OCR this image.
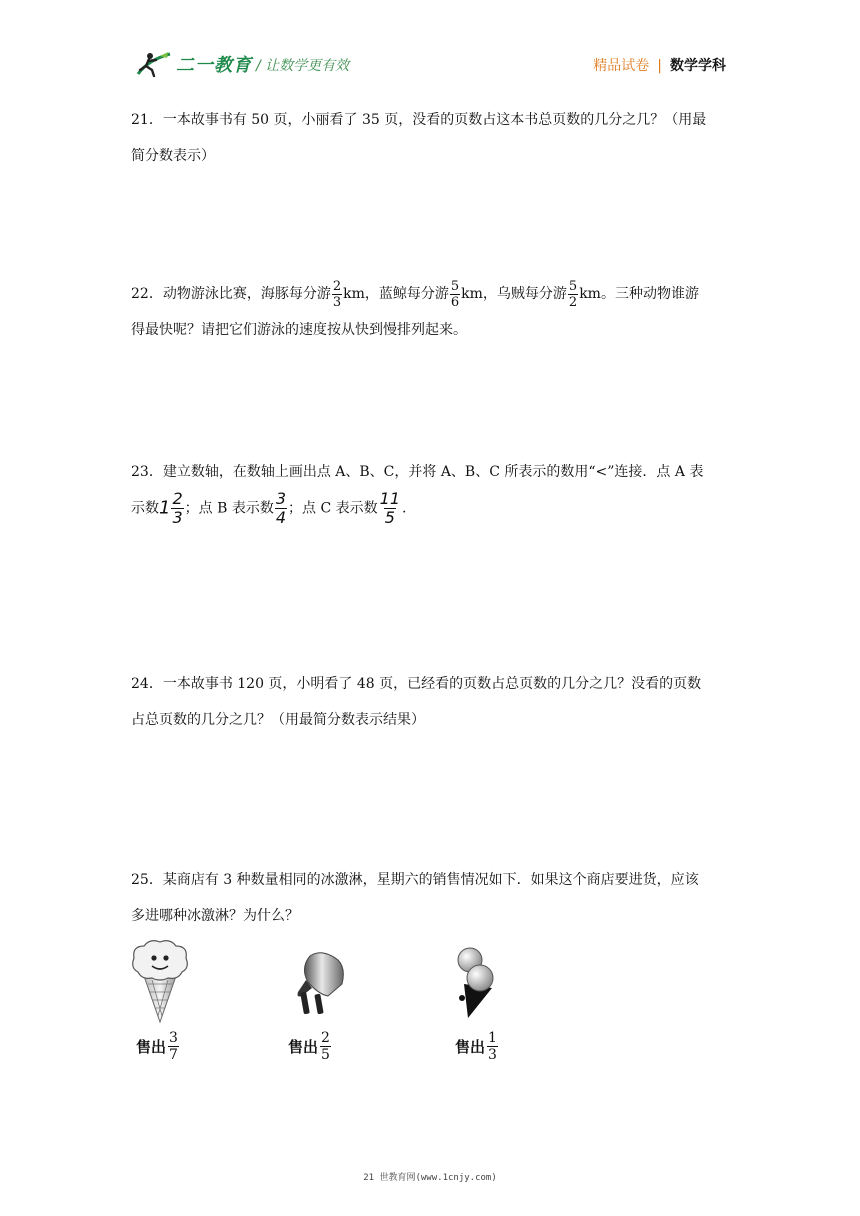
二一教育 / 让数学更有效	精品试卷 | 数学学科
21．一本故事书有 50 页，小丽看了 35 页，没看的页数占这本书总页数的几分之几？（用最
简分数表示）
22．动物游泳比赛，海豚每分游 $\frac{2}{3}$ km，蓝鲸每分游 $\frac{5}{6}$ km，乌贼每分游 $\frac{5}{2}$ km。三种动物谁游
得最快呢？请把它们游泳的速度按从快到慢排列起来。
23．建立数轴，在数轴上画出点 A、B、C，并将 A、B、C 所表示的数用“<”连接．点 A 表
示数$1 \frac{2}{3}$ ；点 B 表示数 $\frac{3}{4}$ ；点 C 表示数 $\frac{11}{5}$ .
24．一本故事书 120 页，小明看了 48 页，已经看的页数占总页数的几分之几？没看的页数
占总页数的几分之几？（用最简分数表示结果）
25．某商店有 3 种数量相同的冰激淋，星期六的销售情况如下．如果这个商店要进货，应该
多进哪种冰激淋？为什么？
售出 $\frac{3}{7}$	售出 $\frac{2}{5}$	售出 $\frac{1}{3}$
21 世教育网(www.1cnjy.com)
